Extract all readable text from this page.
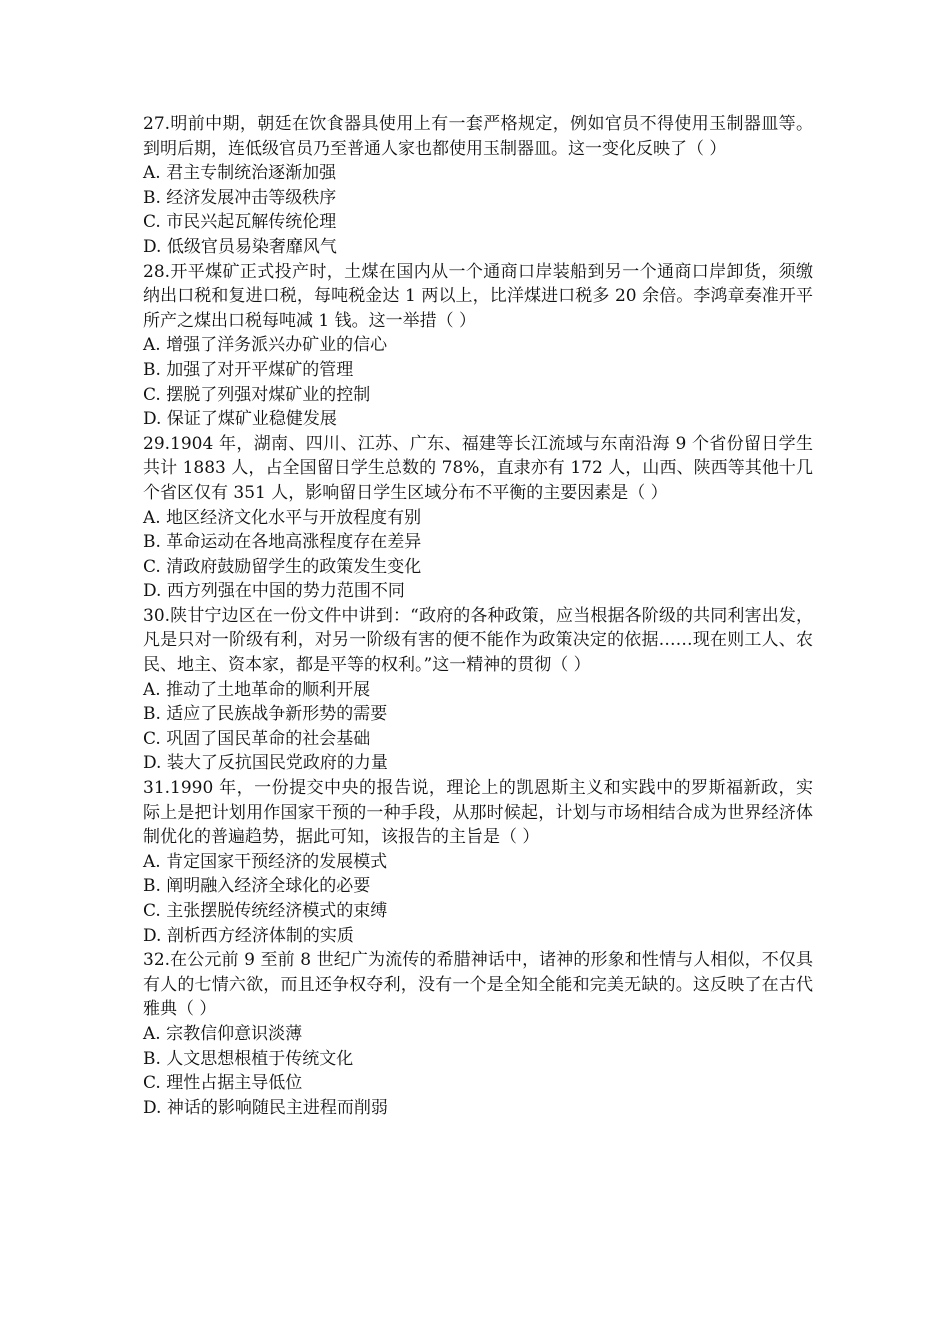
27.明前中期，朝廷在饮食器具使用上有一套严格规定，例如官员不得使用玉制器皿等。到明后期，连低级官员乃至普通人家也都使用玉制器皿。这一变化反映了（ ）

A. 君主专制统治逐渐加强

B. 经济发展冲击等级秩序

C. 市民兴起瓦解传统伦理

D. 低级官员易染奢靡风气

28.开平煤矿正式投产时，土煤在国内从一个通商口岸装船到另一个通商口岸卸货，须缴纳出口税和复进口税，每吨税金达 1 两以上，比洋煤进口税多 20 余倍。李鸿章奏准开平所产之煤出口税每吨减 1 钱。这一举措（ ）

A. 增强了洋务派兴办矿业的信心

B. 加强了对开平煤矿的管理

C. 摆脱了列强对煤矿业的控制

D. 保证了煤矿业稳健发展

29.1904 年，湖南、四川、江苏、广东、福建等长江流域与东南沿海 9 个省份留日学生共计 1883 人，占全国留日学生总数的 78%，直隶亦有 172 人，山西、陕西等其他十几个省区仅有 351 人，影响留日学生区域分布不平衡的主要因素是（ ）

A. 地区经济文化水平与开放程度有别

B. 革命运动在各地高涨程度存在差异

C. 清政府鼓励留学生的政策发生变化

D. 西方列强在中国的势力范围不同

30.陕甘宁边区在一份文件中讲到：“政府的各种政策，应当根据各阶级的共同利害出发，凡是只对一阶级有利，对另一阶级有害的便不能作为政策决定的依据……现在则工人、农民、地主、资本家，都是平等的权利。”这一精神的贯彻（ ）

A. 推动了土地革命的顺利开展

B. 适应了民族战争新形势的需要

C. 巩固了国民革命的社会基础

D. 装大了反抗国民党政府的力量

31.1990 年，一份提交中央的报告说，理论上的凯恩斯主义和实践中的罗斯福新政，实际上是把计划用作国家干预的一种手段，从那时候起，计划与市场相结合成为世界经济体制优化的普遍趋势，据此可知，该报告的主旨是（ ）

A. 肯定国家干预经济的发展模式

B. 阐明融入经济全球化的必要

C. 主张摆脱传统经济模式的束缚

D. 剖析西方经济体制的实质

32.在公元前 9 至前 8 世纪广为流传的希腊神话中，诸神的形象和性情与人相似，不仅具有人的七情六欲，而且还争权夺利，没有一个是全知全能和完美无缺的。这反映了在古代雅典（ ）

A. 宗教信仰意识淡薄

B. 人文思想根植于传统文化

C. 理性占据主导低位

D. 神话的影响随民主进程而削弱
